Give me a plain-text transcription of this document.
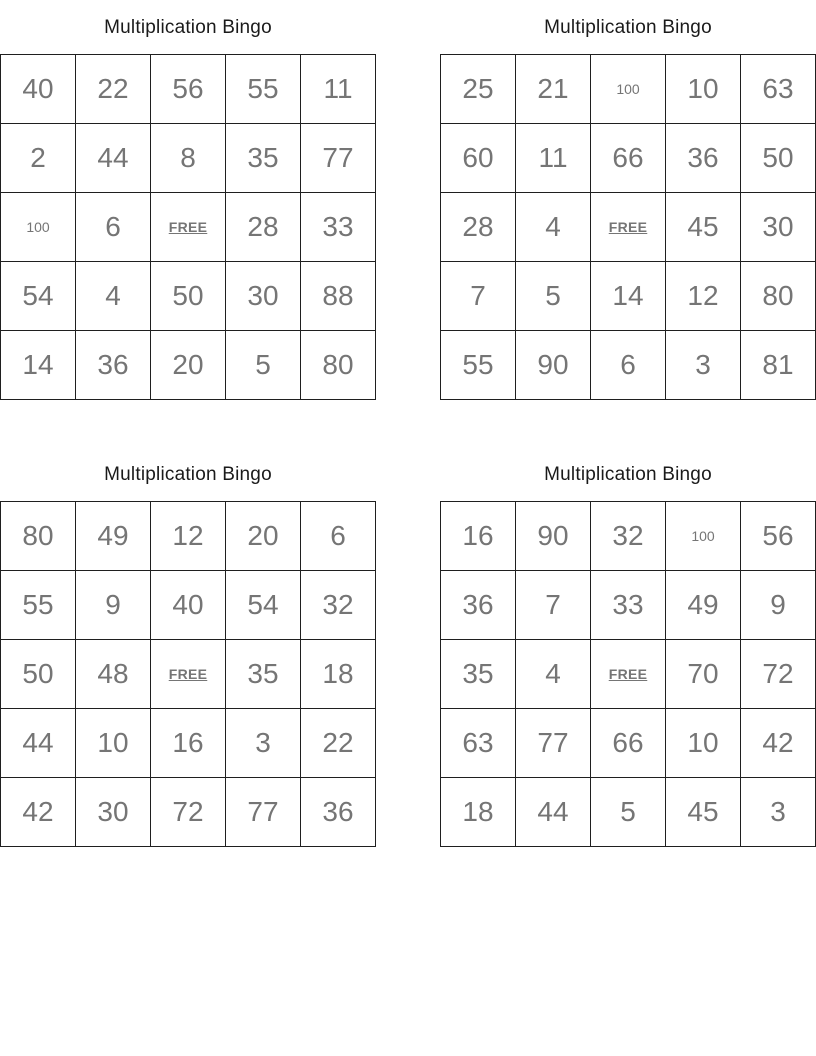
Multiplication Bingo
40	22	56	55	11
2	44	8	35	77
100	6	FREE	28	33
54	4	50	30	88
14	36	20	5	80
Multiplication Bingo
25	21	100	10	63
60	11	66	36	50
28	4	FREE	45	30
7	5	14	12	80
55	90	6	3	81
Multiplication Bingo
80	49	12	20	6
55	9	40	54	32
50	48	FREE	35	18
44	10	16	3	22
42	30	72	77	36
Multiplication Bingo
16	90	32	100	56
36	7	33	49	9
35	4	FREE	70	72
63	77	66	10	42
18	44	5	45	3
